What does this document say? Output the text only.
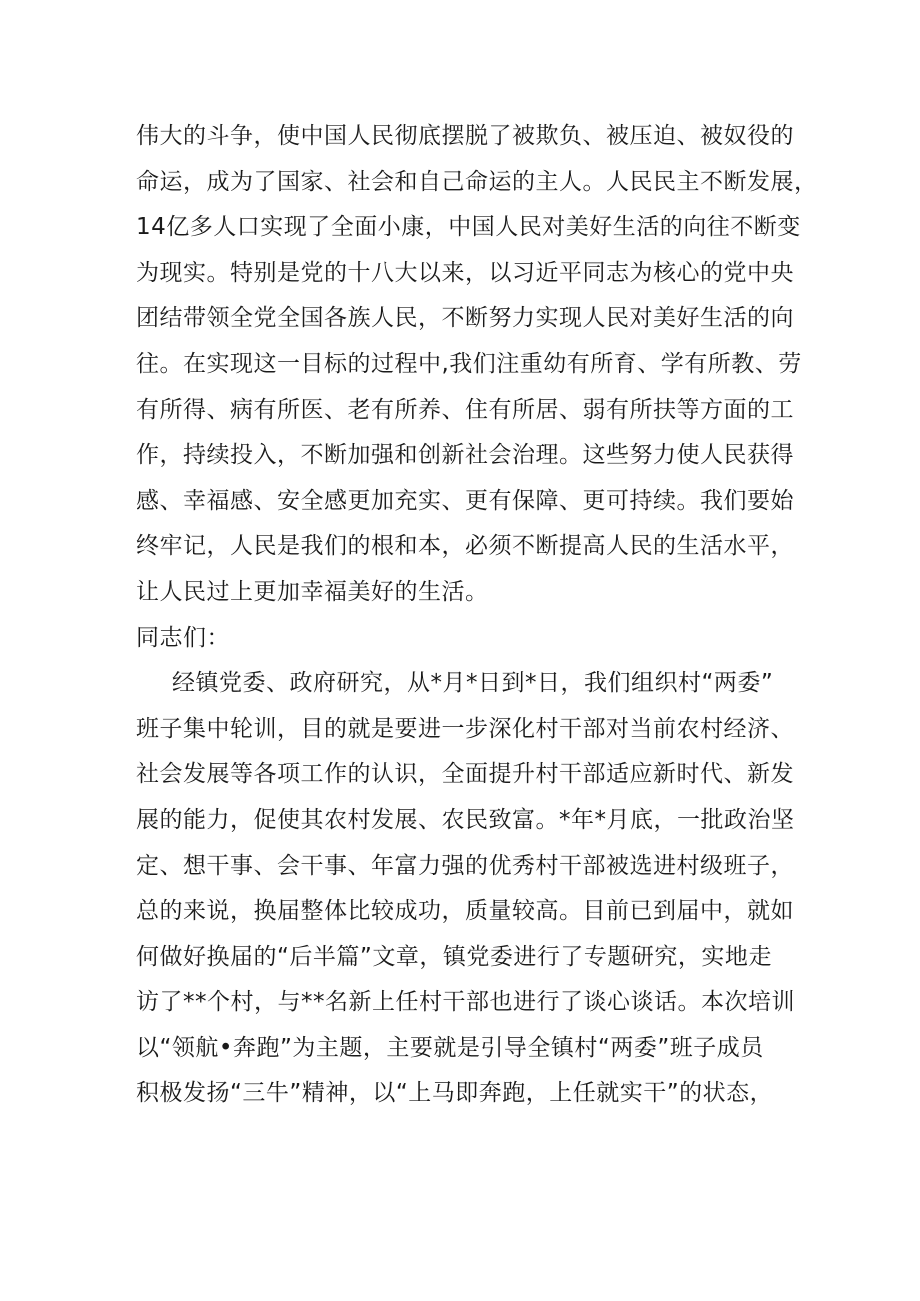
伟大的斗争，使中国人民彻底摆脱了被欺负、被压迫、被奴役的
命运，成为了国家、社会和自己命运的主人。人民民主不断发展，
14亿多人口实现了全面小康，中国人民对美好生活的向往不断变
为现实。特别是党的十八大以来，以习近平同志为核心的党中央
团结带领全党全国各族人民，不断努力实现人民对美好生活的向
往。在实现这一目标的过程中,我们注重幼有所育、学有所教、劳
有所得、病有所医、老有所养、住有所居、弱有所扶等方面的工
作，持续投入，不断加强和创新社会治理。这些努力使人民获得
感、幸福感、安全感更加充实、更有保障、更可持续。我们要始
终牢记，人民是我们的根和本，必须不断提高人民的生活水平，
让人民过上更加幸福美好的生活。
同志们：
经镇党委、政府研究，从*月*日到*日，我们组织村“两委”
班子集中轮训，目的就是要进一步深化村干部对当前农村经济、
社会发展等各项工作的认识，全面提升村干部适应新时代、新发
展的能力，促使其农村发展、农民致富。*年*月底，一批政治坚
定、想干事、会干事、年富力强的优秀村干部被选进村级班子，
总的来说，换届整体比较成功，质量较高。目前已到届中，就如
何做好换届的“后半篇”文章，镇党委进行了专题研究，实地走
访了**个村，与**名新上任村干部也进行了谈心谈话。本次培训
以“领航•奔跑”为主题，主要就是引导全镇村“两委”班子成员
积极发扬“三牛”精神，以“上马即奔跑，上任就实干”的状态，
